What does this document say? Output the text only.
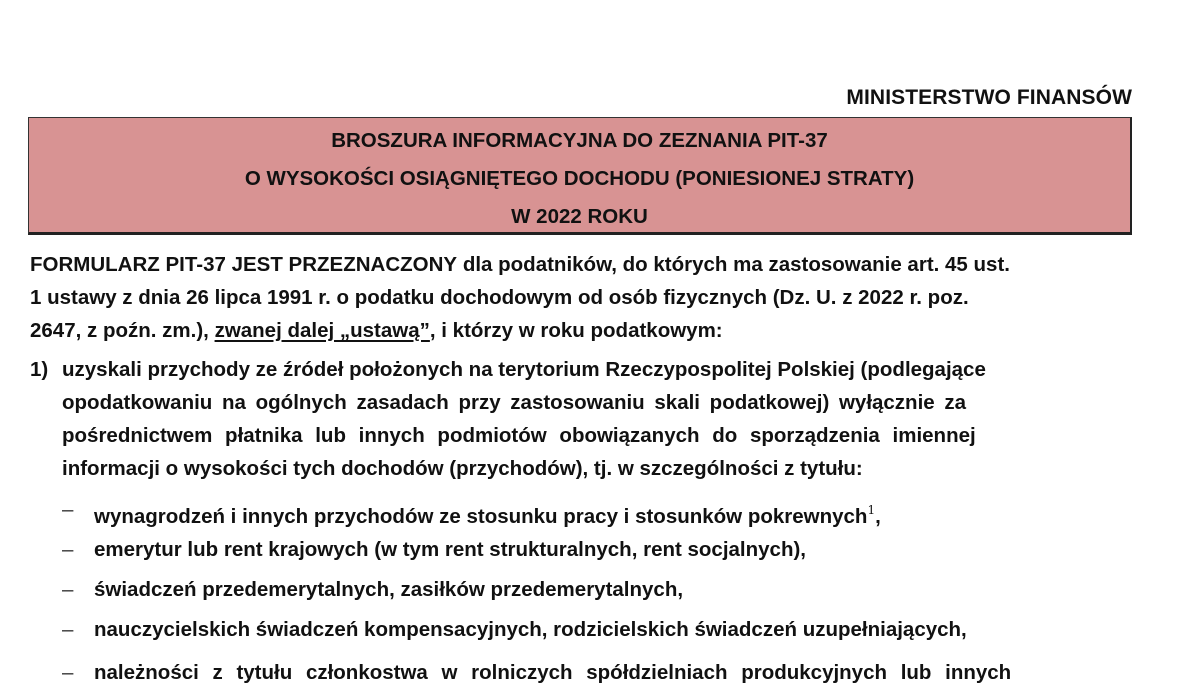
MINISTERSTWO FINANSÓW
BROSZURA INFORMACYJNA DO ZEZNANIA PIT-37
O WYSOKOŚCI OSIĄGNIĘTEGO DOCHODU (PONIESIONEJ STRATY)
W 2022 ROKU
FORMULARZ PIT-37 JEST PRZEZNACZONY dla podatników, do których ma zastosowanie art. 45 ust.
1 ustawy z dnia 26 lipca 1991 r. o podatku dochodowym od osób fizycznych (Dz. U. z 2022 r. poz.
2647, z poźn. zm.), zwanej dalej „ustawą”, i którzy w roku podatkowym:
1) uzyskali przychody ze źródeł położonych na terytorium Rzeczypospolitej Polskiej (podlegające
opodatkowaniu na ogólnych zasadach przy zastosowaniu skali podatkowej) wyłącznie za
pośrednictwem płatnika lub innych podmiotów obowiązanych do sporządzenia imiennej
informacji o wysokości tych dochodów (przychodów), tj. w szczególności z tytułu:
– wynagrodzeń i innych przychodów ze stosunku pracy i stosunków pokrewnych$^1$,
– emerytur lub rent krajowych (w tym rent strukturalnych, rent socjalnych),
– świadczeń przedemerytalnych, zasiłków przedemerytalnych,
– nauczycielskich świadczeń kompensacyjnych, rodzicielskich świadczeń uzupełniających,
– należności z tytułu członkostwa w rolniczych spółdzielniach produkcyjnych lub innych
